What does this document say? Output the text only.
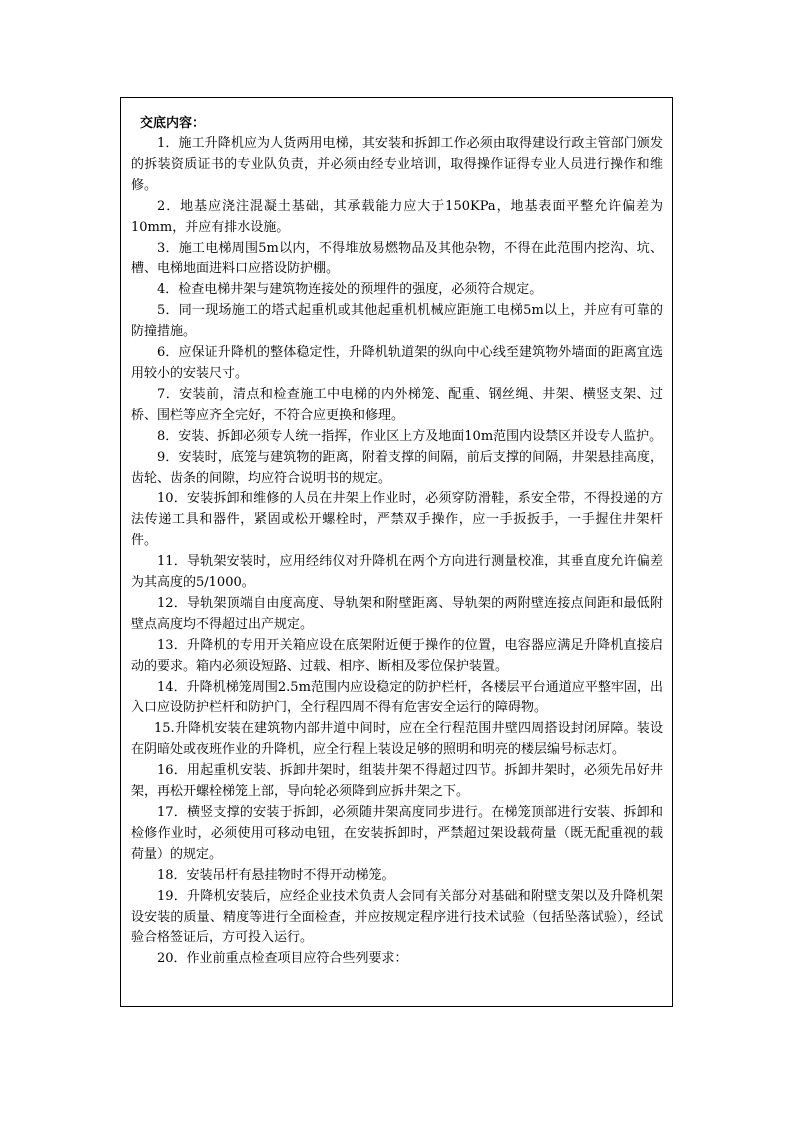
交底内容：

1．施工升降机应为人货两用电梯，其安装和拆卸工作必须由取得建设行政主管部门颁发的拆装资质证书的专业队负责，并必须由经专业培训，取得操作证得专业人员进行操作和维修。

2．地基应浇注混凝土基础，其承载能力应大于150KPa，地基表面平整允许偏差为10mm，并应有排水设施。

3．施工电梯周围5m以内，不得堆放易燃物品及其他杂物，不得在此范围内挖沟、坑、槽、电梯地面进料口应搭设防护棚。

4．检查电梯井架与建筑物连接处的预埋件的强度，必须符合规定。

5．同一现场施工的塔式起重机或其他起重机机械应距施工电梯5m以上，并应有可靠的防撞措施。

6．应保证升降机的整体稳定性，升降机轨道架的纵向中心线至建筑物外墙面的距离宜选用较小的安装尺寸。

7．安装前，清点和检查施工中电梯的内外梯笼、配重、钢丝绳、井架、横竖支架、过桥、围栏等应齐全完好，不符合应更换和修理。

8．安装、拆卸必须专人统一指挥，作业区上方及地面10m范围内设禁区并设专人监护。

9．安装时，底笼与建筑物的距离，附着支撑的间隔，前后支撑的间隔，井架悬挂高度，齿轮、齿条的间隙，均应符合说明书的规定。

10．安装拆卸和维修的人员在井架上作业时，必须穿防滑鞋，系安全带，不得投递的方法传递工具和器件，紧固或松开螺栓时，严禁双手操作，应一手扳扳手，一手握住井架杆件。

11．导轨架安装时，应用经纬仪对升降机在两个方向进行测量校准，其垂直度允许偏差为其高度的5/1000。

12．导轨架顶端自由度高度、导轨架和附壁距离、导轨架的两附壁连接点间距和最低附壁点高度均不得超过出产规定。

13．升降机的专用开关箱应设在底架附近便于操作的位置，电容器应满足升降机直接启动的要求。箱内必须设短路、过载、相序、断相及零位保护装置。

14．升降机梯笼周围2.5m范围内应设稳定的防护栏杆，各楼层平台通道应平整牢固，出入口应设防护栏杆和防护门，全行程四周不得有危害安全运行的障碍物。

15.升降机安装在建筑物内部井道中间时，应在全行程范围井壁四周搭设封闭屏障。装设在阴暗处或夜班作业的升降机，应全行程上装设足够的照明和明亮的楼层编号标志灯。

16．用起重机安装、拆卸井架时，组装井架不得超过四节。拆卸井架时，必须先吊好井架，再松开螺栓梯笼上部，导向轮必须降到应拆井架之下。

17．横竖支撑的安装于拆卸，必须随井架高度同步进行。在梯笼顶部进行安装、拆卸和检修作业时，必须使用可移动电钮，在安装拆卸时，严禁超过架设载荷量（既无配重视的载荷量）的规定。

18．安装吊杆有悬挂物时不得开动梯笼。

19．升降机安装后，应经企业技术负责人会同有关部分对基础和附壁支架以及升降机架设安装的质量、精度等进行全面检查，并应按规定程序进行技术试验（包括坠落试验），经试验合格签证后，方可投入运行。

20．作业前重点检查项目应符合些列要求：
